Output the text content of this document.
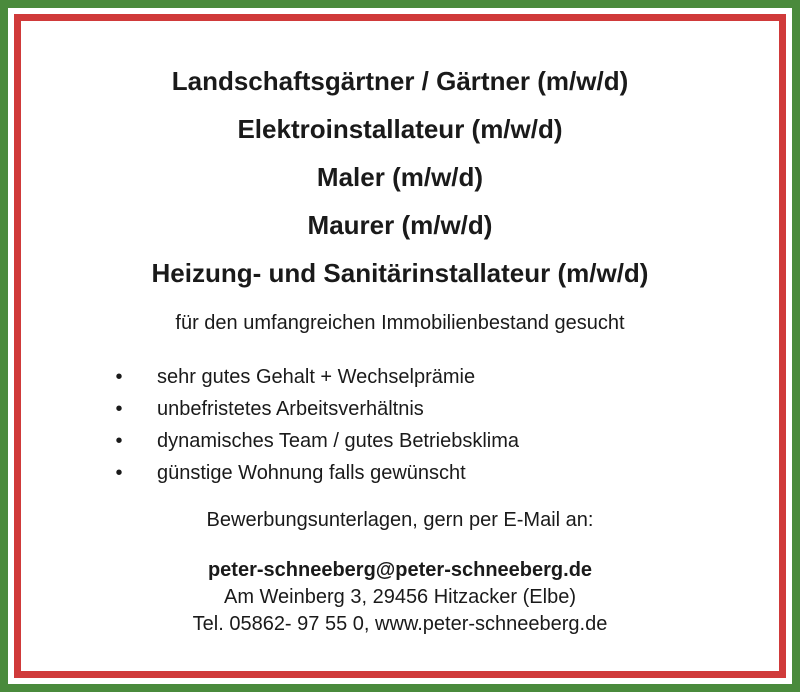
Landschaftsgärtner / Gärtner (m/w/d)

Elektroinstallateur (m/w/d)

Maler (m/w/d)

Maurer (m/w/d)

Heizung- und Sanitärinstallateur (m/w/d)

für den umfangreichen Immobilienbestand gesucht
•	sehr gutes Gehalt + Wechselprämie
•	unbefristetes Arbeitsverhältnis
•	dynamisches Team / gutes Betriebsklima
•	günstige Wohnung falls gewünscht
Bewerbungsunterlagen, gern per E-Mail an:
peter-schneeberg@peter-schneeberg.de
Am Weinberg 3, 29456 Hitzacker (Elbe)
Tel. 05862- 97 55 0, www.peter-schneeberg.de
